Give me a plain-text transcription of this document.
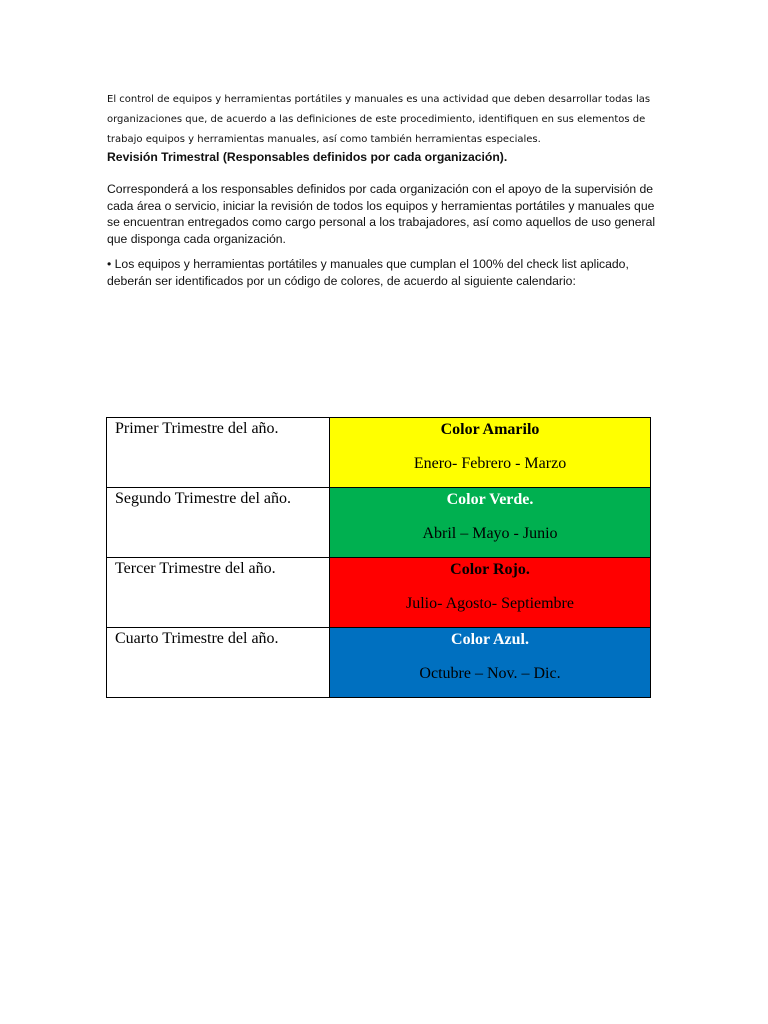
El control de equipos y herramientas portátiles y manuales es una actividad que deben desarrollar todas las organizaciones que, de acuerdo a las definiciones de este procedimiento, identifiquen en sus elementos de trabajo equipos y herramientas manuales, así como también herramientas especiales.

Revisión Trimestral (Responsables definidos por cada organización).

Corresponderá a los responsables definidos por cada organización con el apoyo de la supervisión de cada área o servicio, iniciar la revisión de todos los equipos y herramientas portátiles y manuales que se encuentran entregados como cargo personal a los trabajadores, así como aquellos de uso general que disponga cada organización.

• Los equipos y herramientas portátiles y manuales que cumplan el 100% del check list aplicado, deberán ser identificados por un código de colores, de acuerdo al siguiente calendario:

Primer Trimestre del año.	Color Amarilo
Enero- Febrero - Marzo

Segundo Trimestre del año.	Color Verde.
Abril – Mayo - Junio

Tercer Trimestre del año.	Color Rojo.
Julio- Agosto- Septiembre

Cuarto Trimestre del año.	Color Azul.
Octubre – Nov. – Dic.
